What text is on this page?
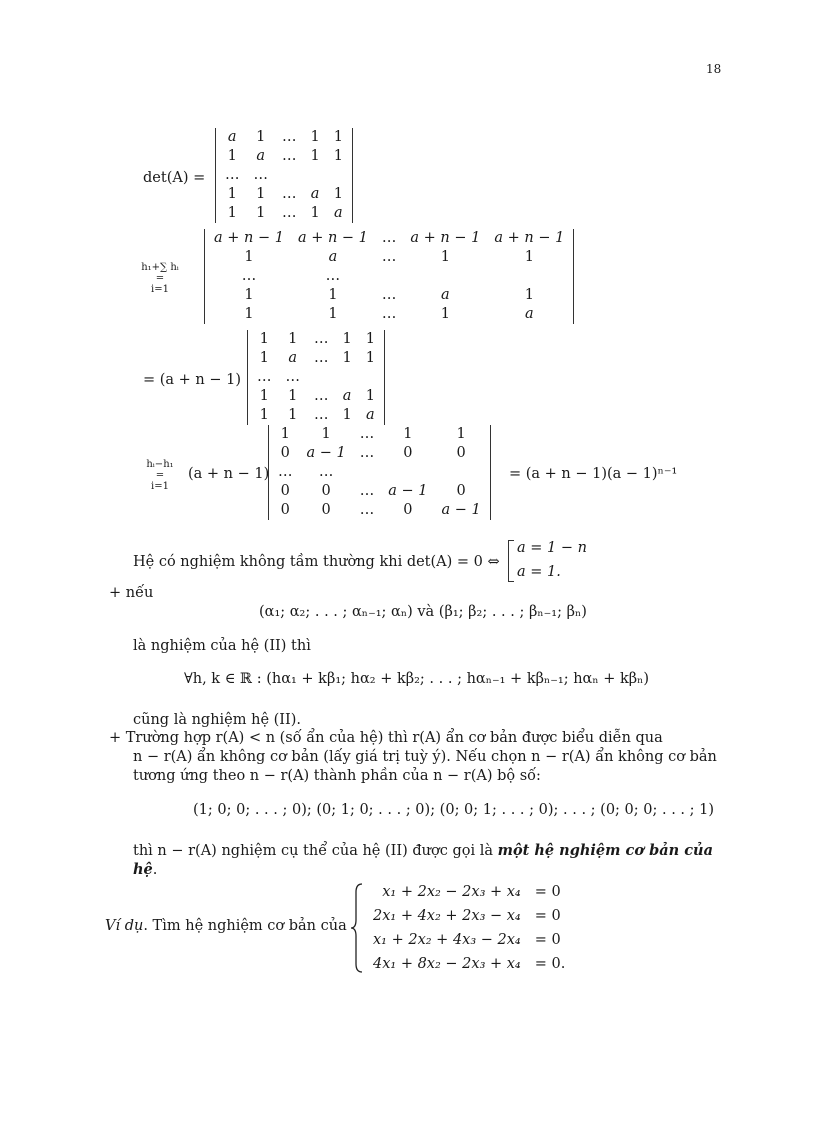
18
det(A) =
a	1	…	1	1
1	a	…	1	1
…	…			
1	1	…	a	1
1	1	…	1	a
h₁+∑ hᵢ
=
i=1
a + n − 1	a + n − 1	…	a + n − 1	a + n − 1
1	a	…	1	1
…	…			
1	1	…	a	1
1	1	…	1	a
= (a + n − 1)
1	1	…	1	1
1	a	…	1	1
…	…			
1	1	…	a	1
1	1	…	1	a
hᵢ−h₁
=
i=1
(a + n − 1)
1	1	…	1	1
0	a − 1	…	0	0
…	…			
0	0	…	a − 1	0
0	0	…	0	a − 1
= (a + n − 1)(a − 1)ⁿ⁻¹
Hệ có nghiệm không tầm thường khi det(A) = 0 ⇔
a = 1 − n
a = 1.
+ nếu
(α₁; α₂; . . . ; αₙ₋₁; αₙ) và (β₁; β₂; . . . ; βₙ₋₁; βₙ)
là nghiệm của hệ (II) thì
∀h, k ∈ ℝ : (hα₁ + kβ₁; hα₂ + kβ₂; . . . ; hαₙ₋₁ + kβₙ₋₁; hαₙ + kβₙ)
cũng là nghiệm hệ (II).
+ Trường hợp r(A) < n (số ẩn của hệ) thì r(A) ẩn cơ bản được biểu diễn qua
n − r(A) ẩn không cơ bản (lấy giá trị tuỳ ý). Nếu chọn n − r(A) ẩn không cơ bản
tương ứng theo n − r(A) thành phần của n − r(A) bộ số:
(1; 0; 0; . . . ; 0); (0; 1; 0; . . . ; 0); (0; 0; 1; . . . ; 0); . . . ; (0; 0; 0; . . . ; 1)
thì n − r(A) nghiệm cụ thể của hệ (II) được gọi là một hệ nghiệm cơ bản của
hệ.
Ví dụ. Tìm hệ nghiệm cơ bản của
x₁ + 2x₂ − 2x₃ + x₄	= 0
2x₁ + 4x₂ + 2x₃ − x₄	= 0
x₁ + 2x₂ + 4x₃ − 2x₄	= 0
4x₁ + 8x₂ − 2x₃ + x₄	= 0.
